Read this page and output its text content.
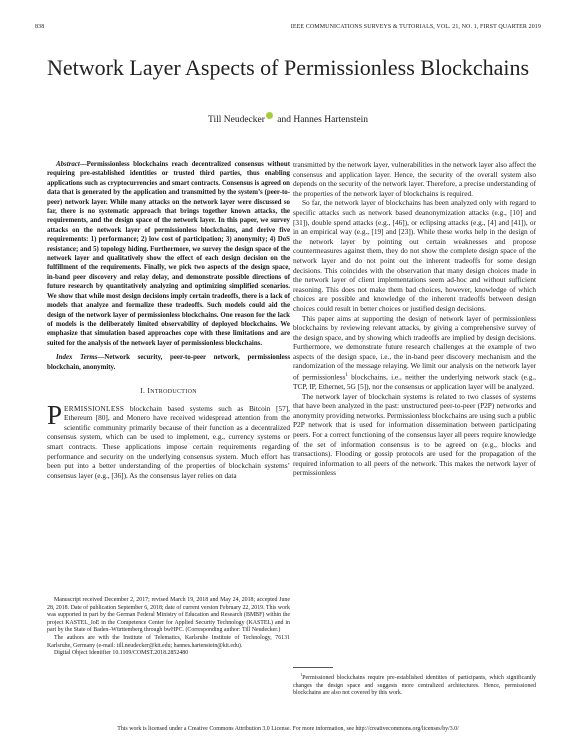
838	IEEE COMMUNICATIONS SURVEYS & TUTORIALS, VOL. 21, NO. 1, FIRST QUARTER 2019
Network Layer Aspects of Permissionless Blockchains
Till Neudecker and Hannes Hartenstein

Abstract—Permissionless blockchains reach decentralized consensus without requiring pre-established identities or trusted third parties, thus enabling applications such as cryptocurrencies and smart contracts. Consensus is agreed on data that is generated by the application and transmitted by the system’s (peer-to-peer) network layer. While many attacks on the network layer were discussed so far, there is no systematic approach that brings together known attacks, the requirements, and the design space of the network layer. In this paper, we survey attacks on the network layer of permissionless blockchains, and derive five requirements: 1) performance; 2) low cost of participation; 3) anonymity; 4) DoS resistance; and 5) topology hiding. Furthermore, we survey the design space of the network layer and qualitatively show the effect of each design decision on the fulfillment of the requirements. Finally, we pick two aspects of the design space, in-band peer discovery and relay delay, and demonstrate possible directions of future research by quantitatively analyzing and optimizing simplified scenarios. We show that while most design decisions imply certain tradeoffs, there is a lack of models that analyze and formalize these tradeoffs. Such models could aid the design of the network layer of permissionless blockchains. One reason for the lack of models is the deliberately limited observability of deployed blockchains. We emphasize that simulation based approaches cope with these limitations and are suited for the analysis of the network layer of permissionless blockchains.

Index Terms—Network security, peer-to-peer network, permissionless blockchain, anonymity.

I. INTRODUCTION

PERMISSIONLESS blockchain based systems such as Bitcoin [57], Ethereum [80], and Monero have received widespread attention from the scientific community primarily because of their function as a decentralized consensus system, which can be used to implement, e.g., currency systems or smart contracts. These applications impose certain requirements regarding performance and security on the underlying consensus system. Much effort has been put into a better understanding of the properties of blockchain systems’ consensus layer (e.g., [36]). As the consensus layer relies on data

Manuscript received December 2, 2017; revised March 19, 2018 and May 24, 2018; accepted June 28, 2018. Date of publication September 6, 2018; date of current version February 22, 2019. This work was supported in part by the German Federal Ministry of Education and Research (BMBF) within the project KASTEL_IoE in the Competence Center for Applied Security Technology (KASTEL) and in part by the State of Baden–Württemberg through bwHPC. (Corresponding author: Till Neudecker.)

The authors are with the Institute of Telematics, Karlsruhe Institute of Technology, 76131 Karlsruhe, Germany (e-mail: till.neudecker@kit.edu; hannes.hartenstein@kit.edu).

Digital Object Identifier 10.1109/COMST.2018.2852480

transmitted by the network layer, vulnerabilities in the network layer also affect the consensus and application layer. Hence, the security of the overall system also depends on the security of the network layer. Therefore, a precise understanding of the properties of the network layer of blockchains is required.

So far, the network layer of blockchains has been analyzed only with regard to specific attacks such as network based deanonymization attacks (e.g., [10] and [31]), double spend attacks (e.g., [46]), or eclipsing attacks (e.g., [4] and [41]), or in an empirical way (e.g., [19] and [23]). While these works help in the design of the network layer by pointing out certain weaknesses and propose countermeasures against them, they do not show the complete design space of the network layer and do not point out the inherent tradeoffs for some design decisions. This coincides with the observation that many design choices made in the network layer of client implementations seem ad-hoc and without sufficient reasoning. This does not make them bad choices, however, knowledge of which choices are possible and knowledge of the inherent tradeoffs between design choices could result in better choices or justified design decisions.

This paper aims at supporting the design of network layer of permissionless blockchains by reviewing relevant attacks, by giving a comprehensive survey of the design space, and by showing which tradeoffs are implied by design decisions. Furthermore, we demonstrate future research challenges at the example of two aspects of the design space, i.e., the in-band peer discovery mechanism and the randomization of the message relaying. We limit our analysis on the network layer of permissionless$^1$ blockchains, i.e., neither the underlying network stack (e.g., TCP, IP, Ethernet, 5G [5]), nor the consensus or application layer will be analyzed.

The network layer of blockchain systems is related to two classes of systems that have been analyzed in the past: unstructured peer-to-peer (P2P) networks and anonymity providing networks. Permissionless blockchains are using such a public P2P network that is used for information dissemination between participating peers. For a correct functioning of the consensus layer all peers require knowledge of the set of information consensus is to be agreed on (e.g., blocks and transactions). Flooding or gossip protocols are used for the propagation of the required information to all peers of the network. This makes the network layer of permissionless

$^1$Permissioned blockchains require pre-established identities of participants, which significantly changes the design space and suggests more centralized architectures. Hence, permissioned blockchains are also not covered by this work.

This work is licensed under a Creative Commons Attribution 3.0 License. For more information, see http://creativecommons.org/licenses/by/3.0/
